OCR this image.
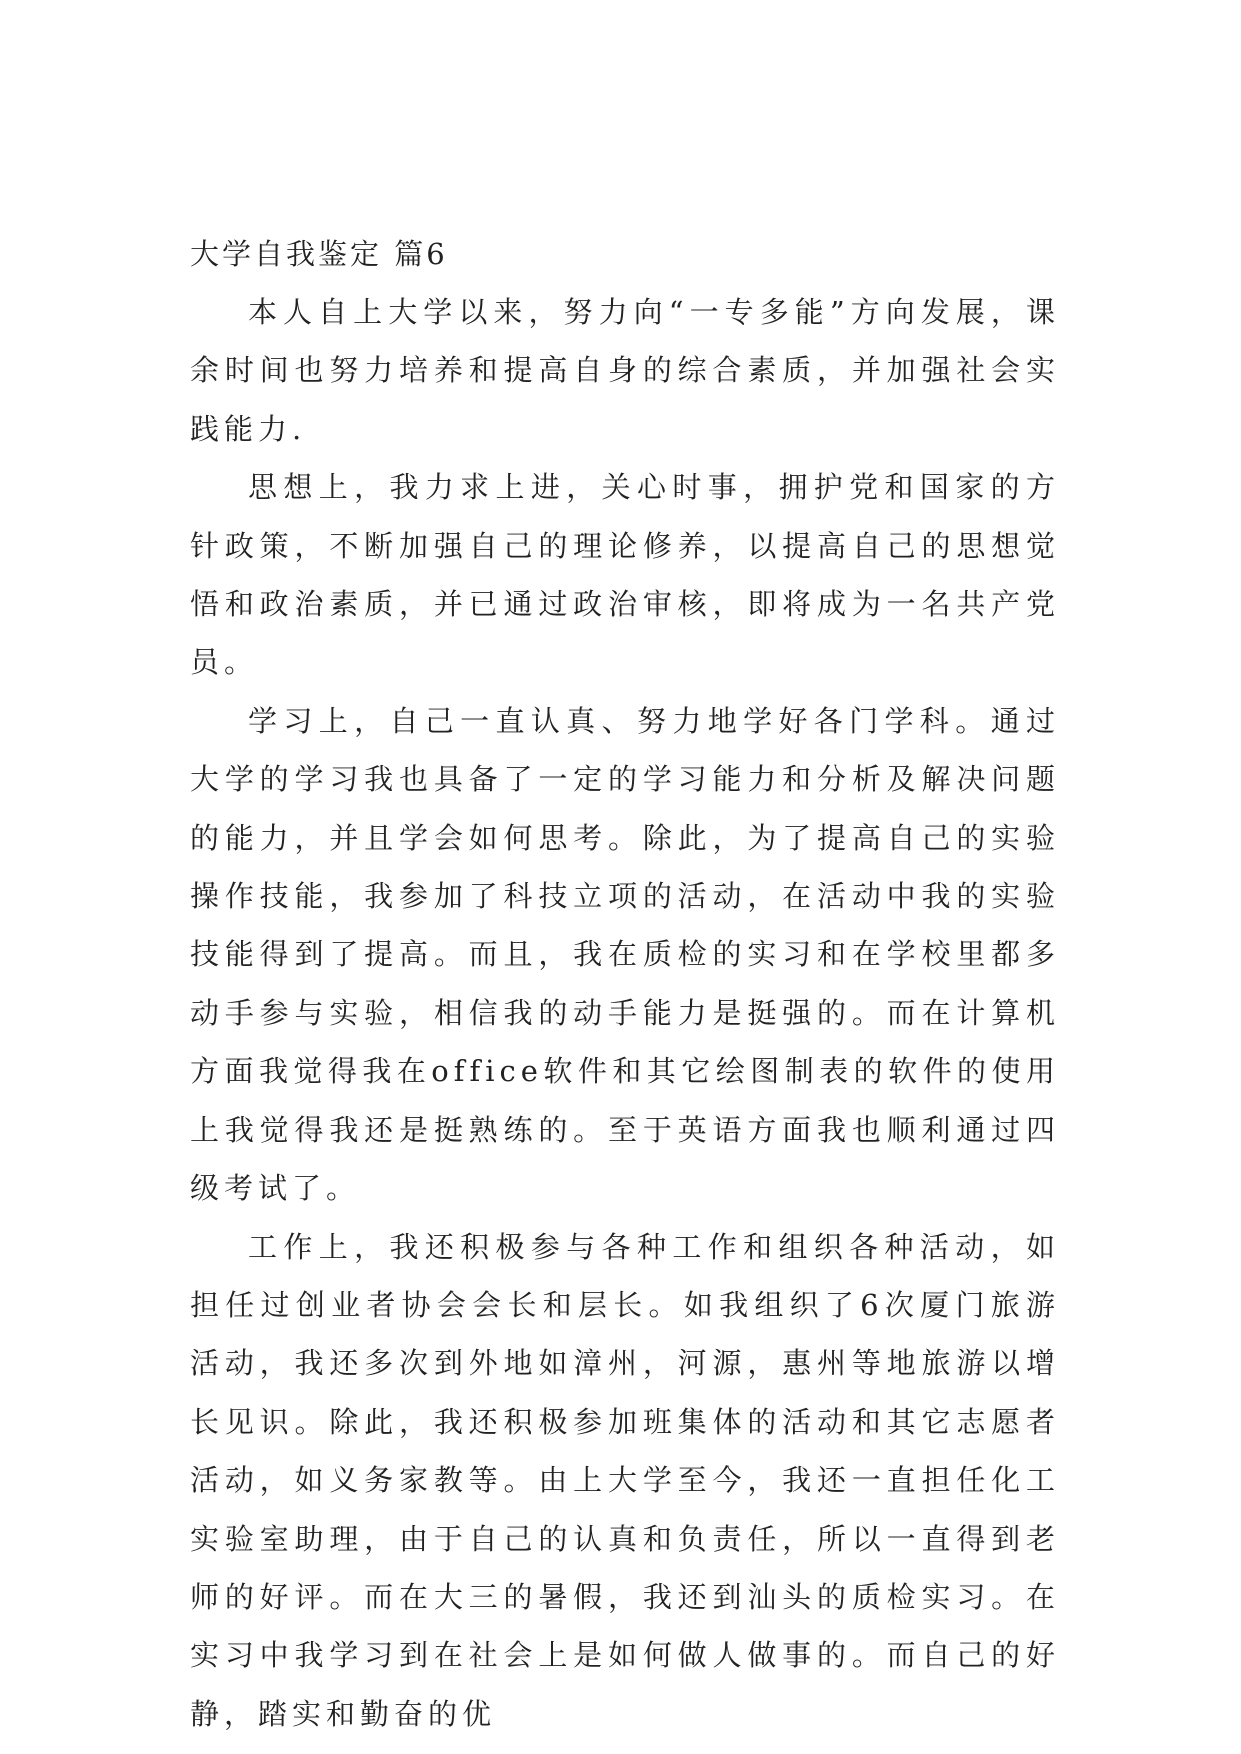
大学自我鉴定 篇6

本人自上大学以来，努力向“一专多能”方向发展，课余时间也努力培养和提高自身的综合素质，并加强社会实践能力.

思想上，我力求上进，关心时事，拥护党和国家的方针政策，不断加强自己的理论修养，以提高自己的思想觉悟和政治素质，并已通过政治审核，即将成为一名共产党员。

学习上，自己一直认真、努力地学好各门学科。通过大学的学习我也具备了一定的学习能力和分析及解决问题的能力，并且学会如何思考。除此，为了提高自己的实验操作技能，我参加了科技立项的活动，在活动中我的实验技能得到了提高。而且，我在质检的实习和在学校里都多动手参与实验，相信我的动手能力是挺强的。而在计算机方面我觉得我在office软件和其它绘图制表的软件的使用上我觉得我还是挺熟练的。至于英语方面我也顺利通过四级考试了。

工作上，我还积极参与各种工作和组织各种活动，如担任过创业者协会会长和层长。如我组织了6次厦门旅游活动，我还多次到外地如漳州，河源，惠州等地旅游以增长见识。除此，我还积极参加班集体的活动和其它志愿者活动，如义务家教等。由上大学至今，我还一直担任化工实验室助理，由于自己的认真和负责任，所以一直得到老师的好评。而在大三的暑假，我还到汕头的质检实习。在实习中我学习到在社会上是如何做人做事的。而自己的好静，踏实和勤奋的优
